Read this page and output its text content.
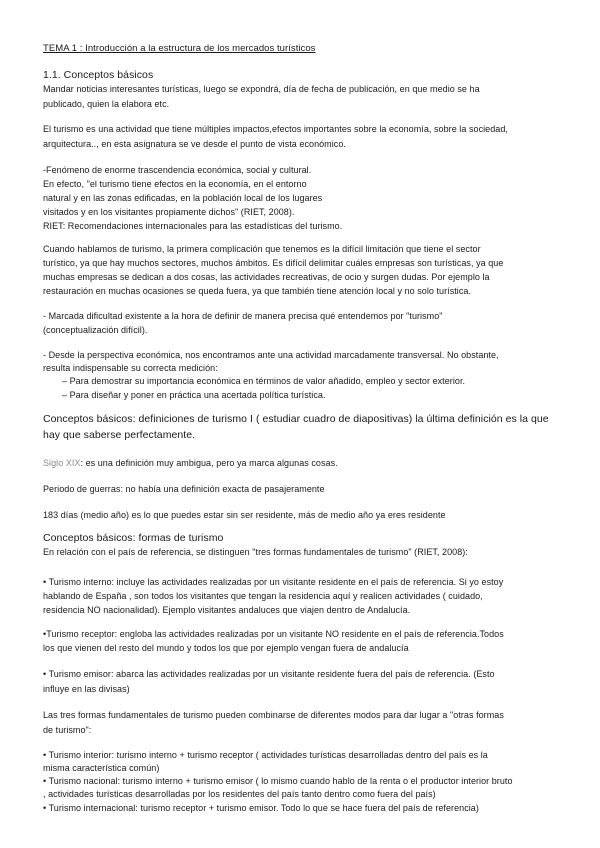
TEMA 1 : Introducción a la estructura de los mercados turísticos

1.1. Conceptos básicos

Mandar noticias interesantes turísticas, luego se expondrá, día de fecha de publicación, en que medio se ha

publicado, quien la elabora etc.

El turismo es una actividad que tiene múltiples impactos,efectos importantes sobre la economía, sobre la sociedad,

arquitectura.., en esta asignatura se ve desde el punto de vista económico.

-Fenómeno de enorme trascendencia económica, social y cultural.

En efecto, "el turismo tiene efectos en la economía, en el entorno

natural y en las zonas edificadas, en la población local de los lugares

visitados y en los visitantes propiamente dichos" (RIET, 2008).

RIET: Recomendaciones internacionales para las estadísticas del turismo.

Cuando hablamos de turismo, la primera complicación que tenemos es la difícil limitación que tiene el sector

turístico, ya que hay muchos sectores, muchos ámbitos. Es difícil delimitar cuáles empresas son turísticas, ya que

muchas empresas se dedican a dos cosas, las actividades recreativas, de ocio y surgen dudas. Por ejemplo la

restauración en muchas ocasiones se queda fuera, ya que también tiene atención local y no solo turística.

- Marcada dificultad existente a la hora de definir de manera precisa qué entendemos por "turismo"

(conceptualización difícil).

- Desde la perspectiva económica, nos encontramos ante una actividad marcadamente transversal. No obstante,

resulta indispensable su correcta medición:

– Para demostrar su importancia económica en términos de valor añadido, empleo y sector exterior.

– Para diseñar y poner en práctica una acertada política turística.

Conceptos básicos: definiciones de turismo I ( estudiar cuadro de diapositivas) la última definición es la que

hay que saberse perfectamente.

Siglo XIX: es una definición muy ambigua, pero ya marca algunas cosas.

Periodo de guerras: no había una definición exacta de pasajeramente

183 días (medio año) es lo que puedes estar sin ser residente, más de medio año ya eres residente

Conceptos básicos: formas de turismo

En relación con el país de referencia, se distinguen "tres formas fundamentales de turismo" (RIET, 2008):

• Turismo interno: incluye las actividades realizadas por un visitante residente en el país de referencia. Si yo estoy

hablando de España , son todos los visitantes que tengan la residencia aquí y realicen actividades ( cuidado,

residencia NO nacionalidad). Ejemplo visitantes andaluces que viajen dentro de Andalucía.

•Turismo receptor: engloba las actividades realizadas por un visitante NO residente en el país de referencia.Todos

los que vienen del resto del mundo y todos los que por ejemplo vengan fuera de andalucía

• Turismo emisor: abarca las actividades realizadas por un visitante residente fuera del país de referencia. (Esto

influye en las divisas)

Las tres formas fundamentales de turismo pueden combinarse de diferentes modos para dar lugar a "otras formas

de turismo":

• Turismo interior: turismo interno + turismo receptor ( actividades turísticas desarrolladas dentro del país es la

misma característica común)

• Turismo nacional: turismo interno + turismo emisor ( lo mismo cuando hablo de la renta o el productor interior bruto

, actividades turísticas desarrolladas por los residentes del país tanto dentro como fuera del país)

• Turismo internacional: turismo receptor + turismo emisor. Todo lo que se hace fuera del país de referencia)
